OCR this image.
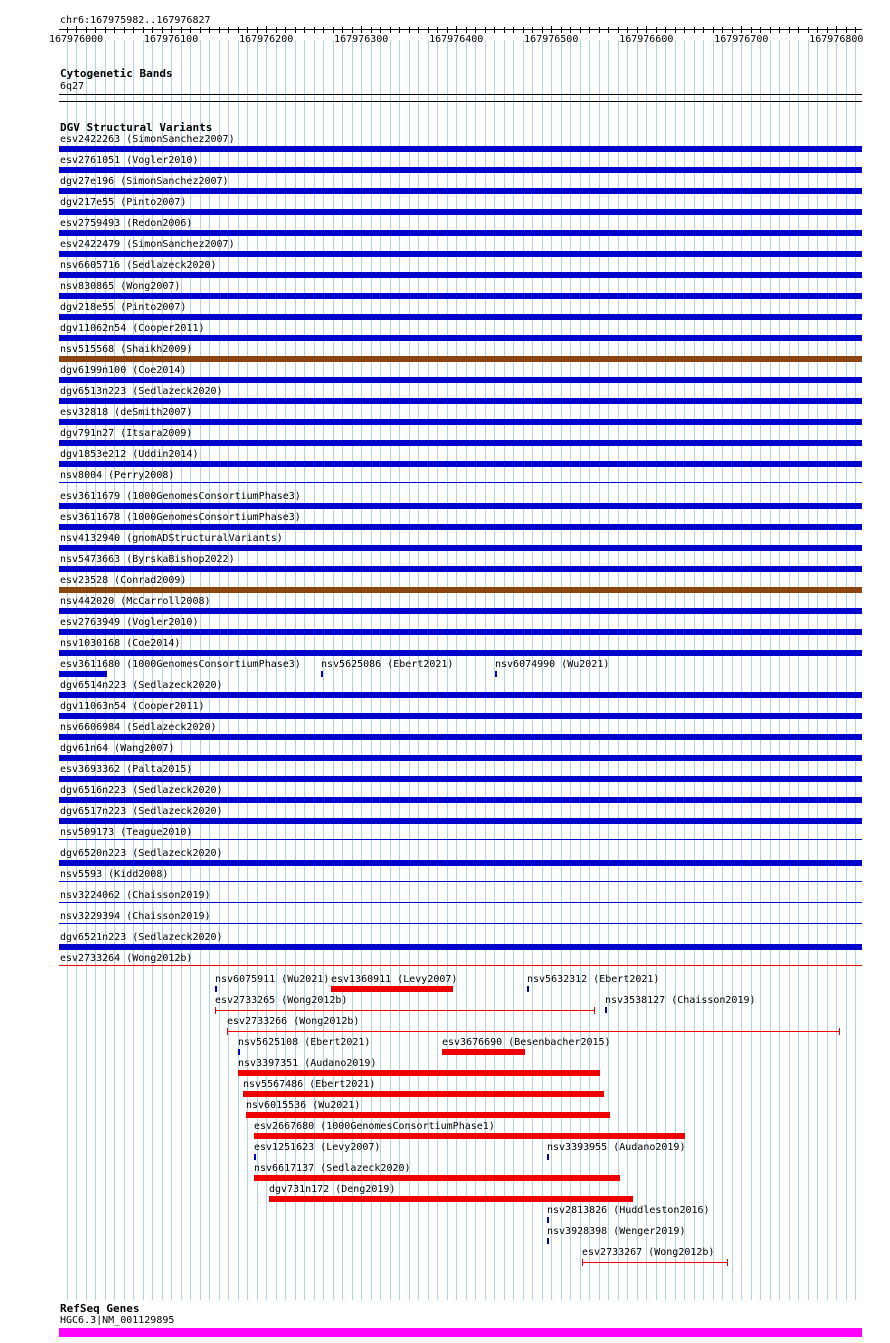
chr6:167975982..167976827
167976000	167976100	167976200	167976300	167976400	167976500	167976600	167976700	167976800
Cytogenetic Bands
6q27
DGV Structural Variants
esv2422263 (SimonSanchez2007)
esv2761051 (Vogler2010)
dgv27e196 (SimonSanchez2007)
dgv217e55 (Pinto2007)
esv2759493 (Redon2006)
esv2422479 (SimonSanchez2007)
nsv6605716 (Sedlazeck2020)
nsv830865 (Wong2007)
dgv218e55 (Pinto2007)
dgv11062n54 (Cooper2011)
nsv515568 (Shaikh2009)
dgv6199n100 (Coe2014)
dgv6513n223 (Sedlazeck2020)
esv32818 (deSmith2007)
dgv791n27 (Itsara2009)
dgv1853e212 (Uddin2014)
nsv8004 (Perry2008)
esv3611679 (1000GenomesConsortiumPhase3)
esv3611678 (1000GenomesConsortiumPhase3)
nsv4132940 (gnomADStructuralVariants)
nsv5473663 (ByrskaBishop2022)
esv23528 (Conrad2009)
nsv442020 (McCarroll2008)
esv2763949 (Vogler2010)
nsv1030168 (Coe2014)
esv3611680 (1000GenomesConsortiumPhase3) nsv5625086 (Ebert2021)	nsv6074990 (Wu2021)
dgv6514n223 (Sedlazeck2020)
dgv11063n54 (Cooper2011)
nsv6606984 (Sedlazeck2020)
dgv61n64 (Wang2007)
esv3693362 (Palta2015)
dgv6516n223 (Sedlazeck2020)
dgv6517n223 (Sedlazeck2020)
nsv509173 (Teague2010)
dgv6520n223 (Sedlazeck2020)
nsv5593 (Kidd2008)
nsv3224062 (Chaisson2019)
nsv3229394 (Chaisson2019)
dgv6521n223 (Sedlazeck2020)
esv2733264 (Wong2012b)
nsv6075911 (Wu2021) esv1360911 (Levy2007)	nsv5632312 (Ebert2021)
esv2733265 (Wong2012b)	nsv3538127 (Chaisson2019)
esv2733266 (Wong2012b)
nsv5625108 (Ebert2021)	esv3676690 (Besenbacher2015)
nsv3397351 (Audano2019)
nsv5567486 (Ebert2021)
nsv6015536 (Wu2021)
esv2667680 (1000GenomesConsortiumPhase1)
esv1251623 (Levy2007)	nsv3393955 (Audano2019)
nsv6617137 (Sedlazeck2020)
dgv731n172 (Deng2019)
nsv2813826 (Huddleston2016)
nsv3928398 (Wenger2019)
esv2733267 (Wong2012b)
RefSeq Genes
HGC6.3|NM_001129895
